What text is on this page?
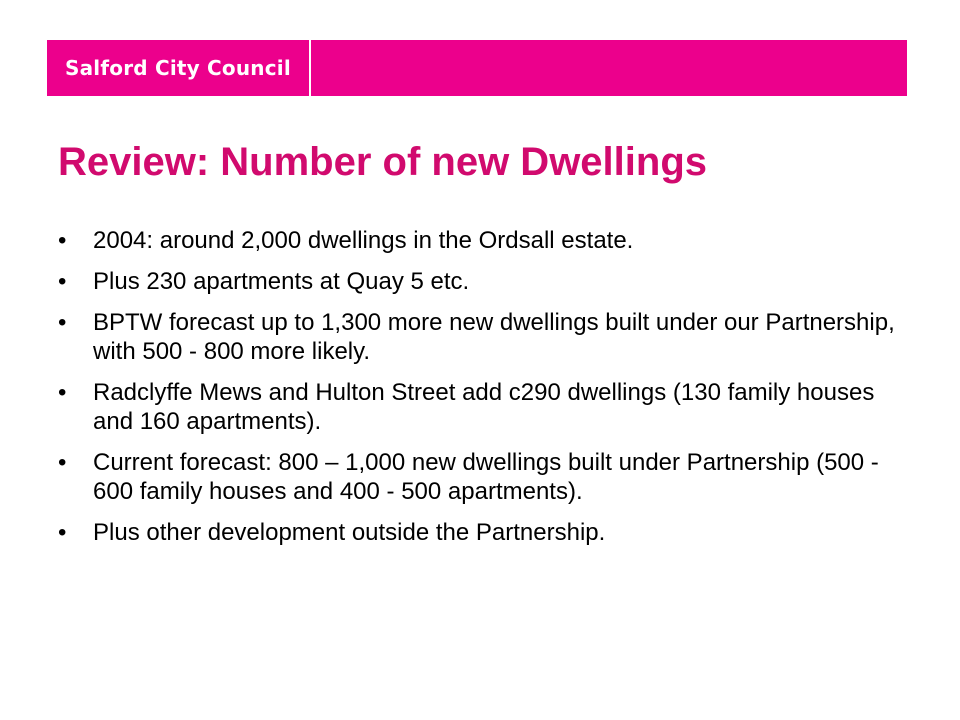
Salford City Council
Review: Number of new Dwellings
• 2004: around 2,000 dwellings in the Ordsall estate.
• Plus 230 apartments at Quay 5 etc.
• BPTW forecast up to 1,300 more new dwellings built under our Partnership, with 500 - 800 more likely.
• Radclyffe Mews and Hulton Street add c290 dwellings (130 family houses and 160 apartments).
• Current forecast: 800 – 1,000 new dwellings built under Partnership (500 - 600 family houses and 400 - 500 apartments).
• Plus other development outside the Partnership.
